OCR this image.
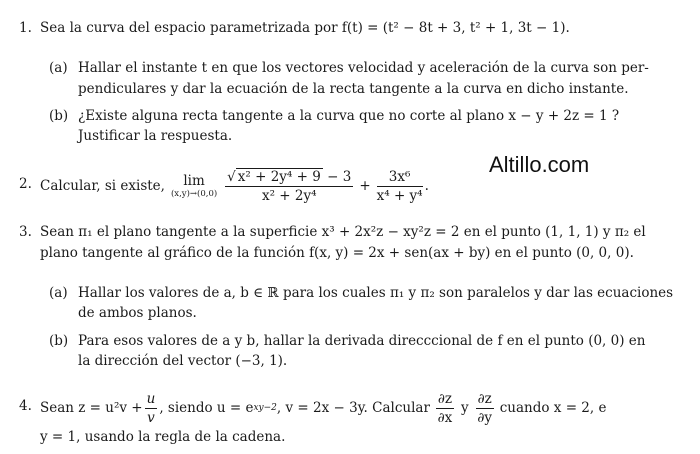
Altillo.com
1. Sea la curva del espacio parametrizada por f(t) = (t² − 8t + 3, t² + 1, 3t − 1).
(a) Hallar el instante t en que los vectores velocidad y aceleración de la curva son per-
pendiculares y dar la ecuación de la recta tangente a la curva en dicho instante.
(b) ¿Existe alguna recta tangente a la curva que no corte al plano x − y + 2z = 1 ?
Justificar la respuesta.
2. Calcular, si existe,	lim
$(x,y)\to(0,0) \frac{\text{√ x² + 2y⁴ + 9 − 3}}{\text{x² + 2y⁴}} + \frac{\text{3x⁶}}{\text{x⁴ + y⁴}}$ .
3. Sean π₁ el plano tangente a la superficie x³ + 2x²z − xy²z = 2 en el punto (1, 1, 1) y π₂ el
plano tangente al gráfico de la función f(x, y) = 2x + sen(ax + by) en el punto (0, 0, 0).
(a) Hallar los valores de a, b ∈ ℝ para los cuales π₁ y π₂ son paralelos y dar las ecuaciones
de ambos planos.
(b) Para esos valores de a y b, hallar la derivada direcccional de f en el punto (0, 0) en
la dirección del vector (−3, 1).
4. Sean $z = u^2v + \frac{u}{v}$ , siendo u = e xy−2 , v = 2x − 3y. Calcular $\frac{\partial z}{\partial x}$ y $\frac{\partial z}{\partial y}$ cuando x = 2, e
y = 1, usando la regla de la cadena.
